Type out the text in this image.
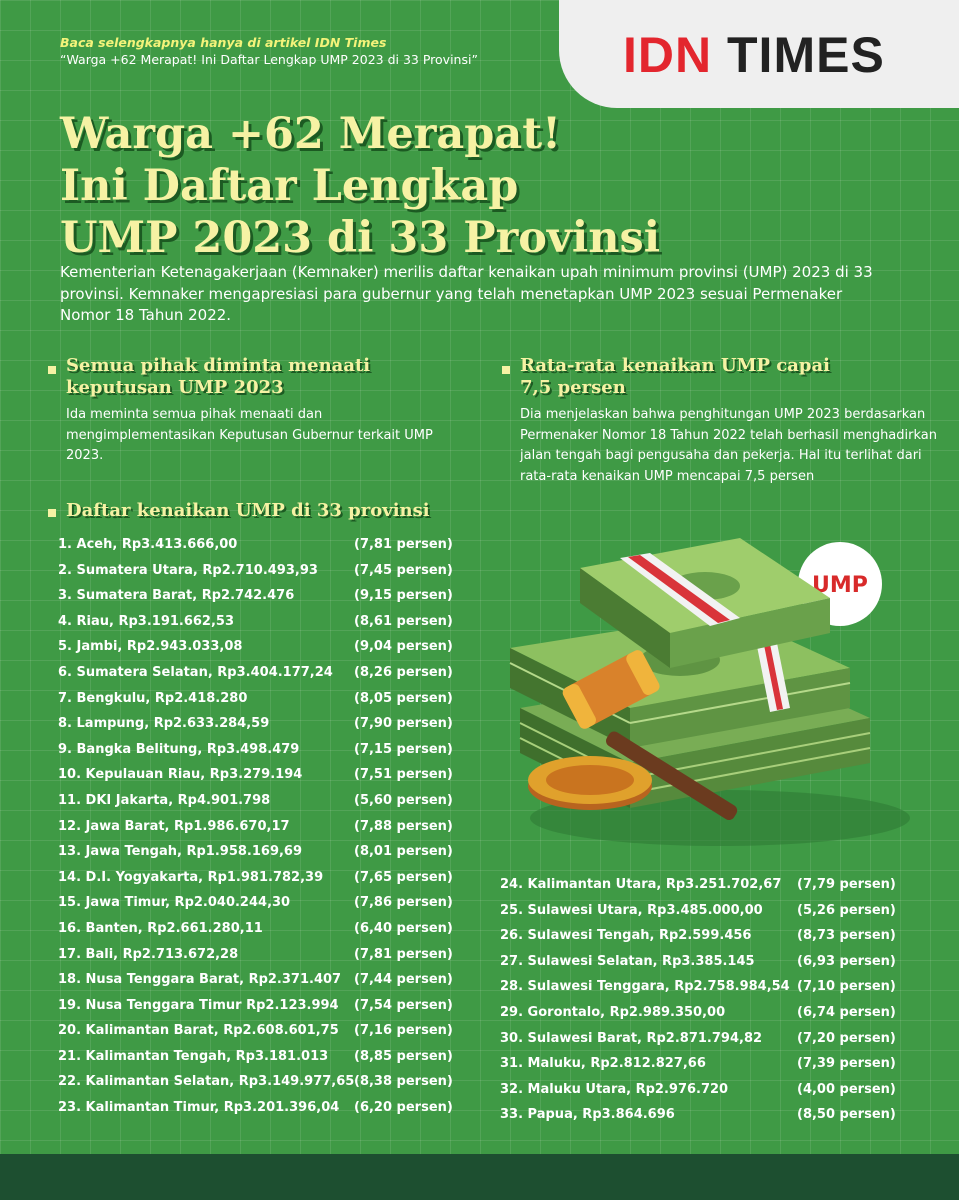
IDN TIMES
Baca selengkapnya hanya di artikel IDN Times
“Warga +62 Merapat! Ini Daftar Lengkap UMP 2023 di 33 Provinsi”
Warga +62 Merapat!
Ini Daftar Lengkap
UMP 2023 di 33 Provinsi
Kementerian Ketenagakerjaan (Kemnaker) merilis daftar kenaikan upah minimum provinsi (UMP) 2023 di 33 provinsi. Kemnaker mengapresiasi para gubernur yang telah menetapkan UMP 2023 sesuai Permenaker Nomor 18 Tahun 2022.
Semua pihak diminta menaati keputusan UMP 2023
Ida meminta semua pihak menaati dan mengimplementasikan Keputusan Gubernur terkait UMP 2023.
Rata-rata kenaikan UMP capai 7,5 persen
Dia menjelaskan bahwa penghitungan UMP 2023 berdasarkan Permenaker Nomor 18 Tahun 2022 telah berhasil menghadirkan jalan tengah bagi pengusaha dan pekerja. Hal itu terlihat dari rata-rata kenaikan UMP mencapai 7,5 persen
Daftar kenaikan UMP di 33 provinsi
1. Aceh, Rp3.413.666,00	(7,81 persen)
2. Sumatera Utara, Rp2.710.493,93	(7,45 persen)
3. Sumatera Barat, Rp2.742.476	(9,15 persen)
4. Riau, Rp3.191.662,53	(8,61 persen)
5. Jambi, Rp2.943.033,08	(9,04 persen)
6. Sumatera Selatan, Rp3.404.177,24 (8,26 persen)
7. Bengkulu, Rp2.418.280	(8,05 persen)
8. Lampung, Rp2.633.284,59	(7,90 persen)
9. Bangka Belitung, Rp3.498.479	(7,15 persen)
10. Kepulauan Riau, Rp3.279.194	(7,51 persen)
11. DKI Jakarta, Rp4.901.798	(5,60 persen)
12. Jawa Barat, Rp1.986.670,17	(7,88 persen)
13. Jawa Tengah, Rp1.958.169,69	(8,01 persen)
14. D.I. Yogyakarta, Rp1.981.782,39 (7,65 persen)
15. Jawa Timur, Rp2.040.244,30	(7,86 persen)
16. Banten, Rp2.661.280,11	(6,40 persen)
17. Bali, Rp2.713.672,28	(7,81 persen)
18. Nusa Tenggara Barat, Rp2.371.407 (7,44 persen)
19. Nusa Tenggara Timur Rp2.123.994 (7,54 persen)
20. Kalimantan Barat, Rp2.608.601,75 (7,16 persen)
21. Kalimantan Tengah, Rp3.181.013 (8,85 persen)
22. Kalimantan Selatan, Rp3.149.977,65 (8,38 persen)
23. Kalimantan Timur, Rp3.201.396,04 (6,20 persen)
UMP
24. Kalimantan Utara, Rp3.251.702,67 (7,79 persen)
25. Sulawesi Utara, Rp3.485.000,00	(5,26 persen)
26. Sulawesi Tengah, Rp2.599.456	(8,73 persen)
27. Sulawesi Selatan, Rp3.385.145	(6,93 persen)
28. Sulawesi Tenggara, Rp2.758.984,54 (7,10 persen)
29. Gorontalo, Rp2.989.350,00	(6,74 persen)
30. Sulawesi Barat, Rp2.871.794,82	(7,20 persen)
31. Maluku, Rp2.812.827,66	(7,39 persen)
32. Maluku Utara, Rp2.976.720	(4,00 persen)
33. Papua, Rp3.864.696	(8,50 persen)
